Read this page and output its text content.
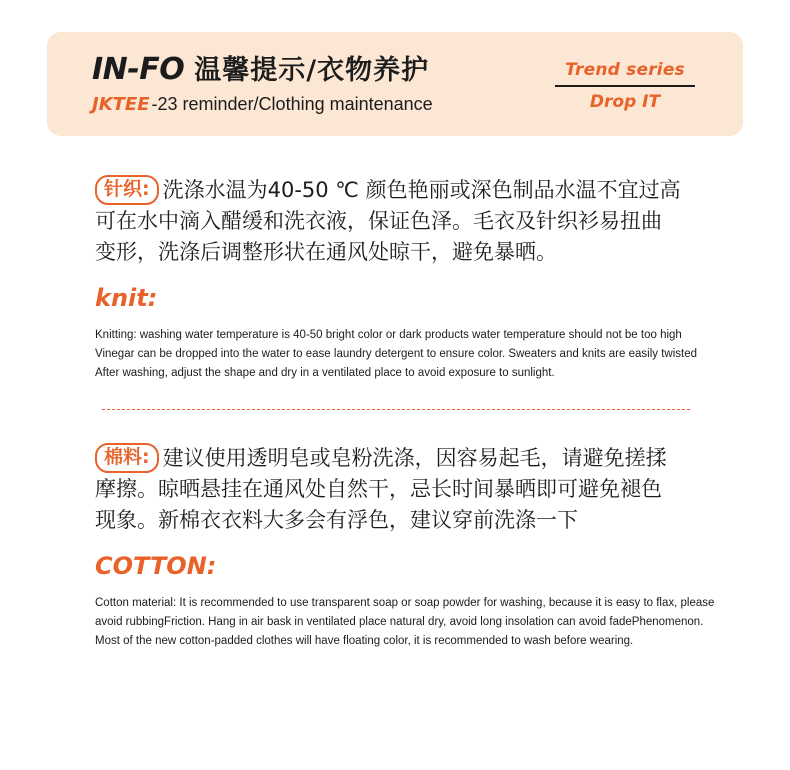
IN-FO 温馨提示/衣物养护
JKTEE -23 reminder/Clothing maintenance
Trend series
Drop IT
针织: 洗涤水温为40-50 ℃ 颜色艳丽或深色制品水温不宜过高
可在水中滴入醋缓和洗衣液，保证色泽。毛衣及针织衫易扭曲
变形，洗涤后调整形状在通风处晾干，避免暴晒。
knit:
Knitting: washing water temperature is 40-50 bright color or dark products water temperature should not be too high
Vinegar can be dropped into the water to ease laundry detergent to ensure color. Sweaters and knits are easily twisted
After washing, adjust the shape and dry in a ventilated place to avoid exposure to sunlight.
棉料: 建议使用透明皂或皂粉洗涤，因容易起毛，请避免搓揉
摩擦。晾晒悬挂在通风处自然干，忌长时间暴晒即可避免褪色
现象。新棉衣衣料大多会有浮色，建议穿前洗涤一下
COTTON:
Cotton material: It is recommended to use transparent soap or soap powder for washing, because it is easy to flax, please
avoid rubbingFriction. Hang in air bask in ventilated place natural dry, avoid long insolation can avoid fadePhenomenon.
Most of the new cotton-padded clothes will have floating color, it is recommended to wash before wearing.
